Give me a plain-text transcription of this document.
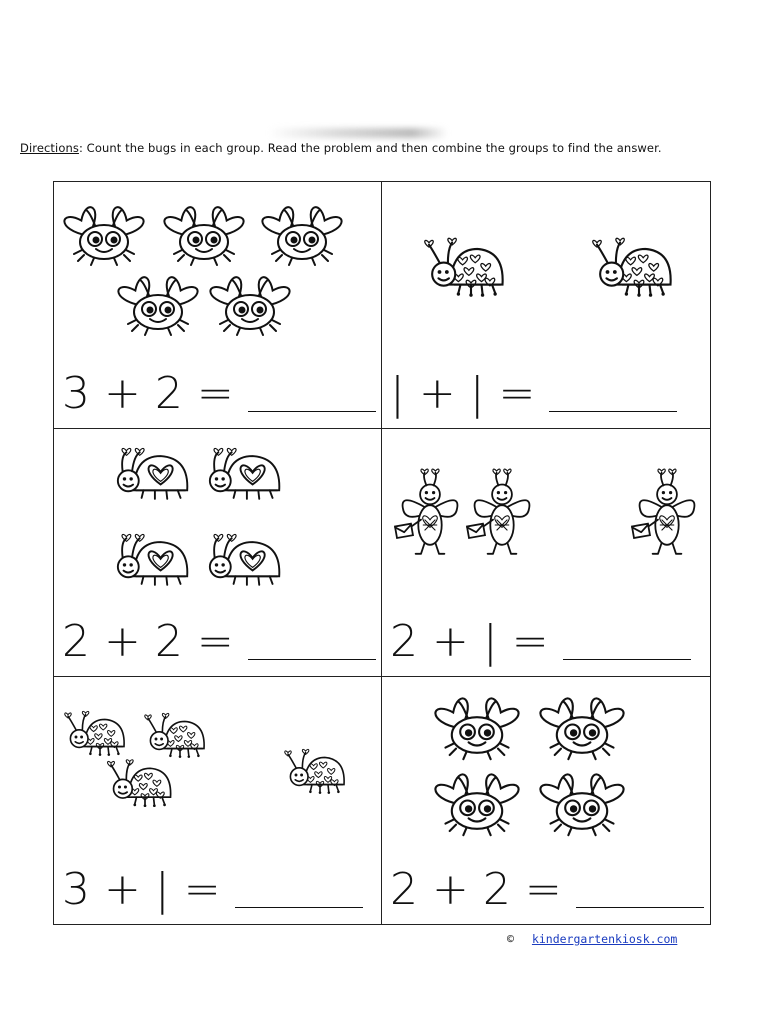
Directions: Count the bugs in each group. Read the problem and then combine the groups to find the answer.
3 + 2 =	| + | =
2 + 2 =	2 + | =
3 + | =	2 + 2 =
© kindergartenkiosk.com
